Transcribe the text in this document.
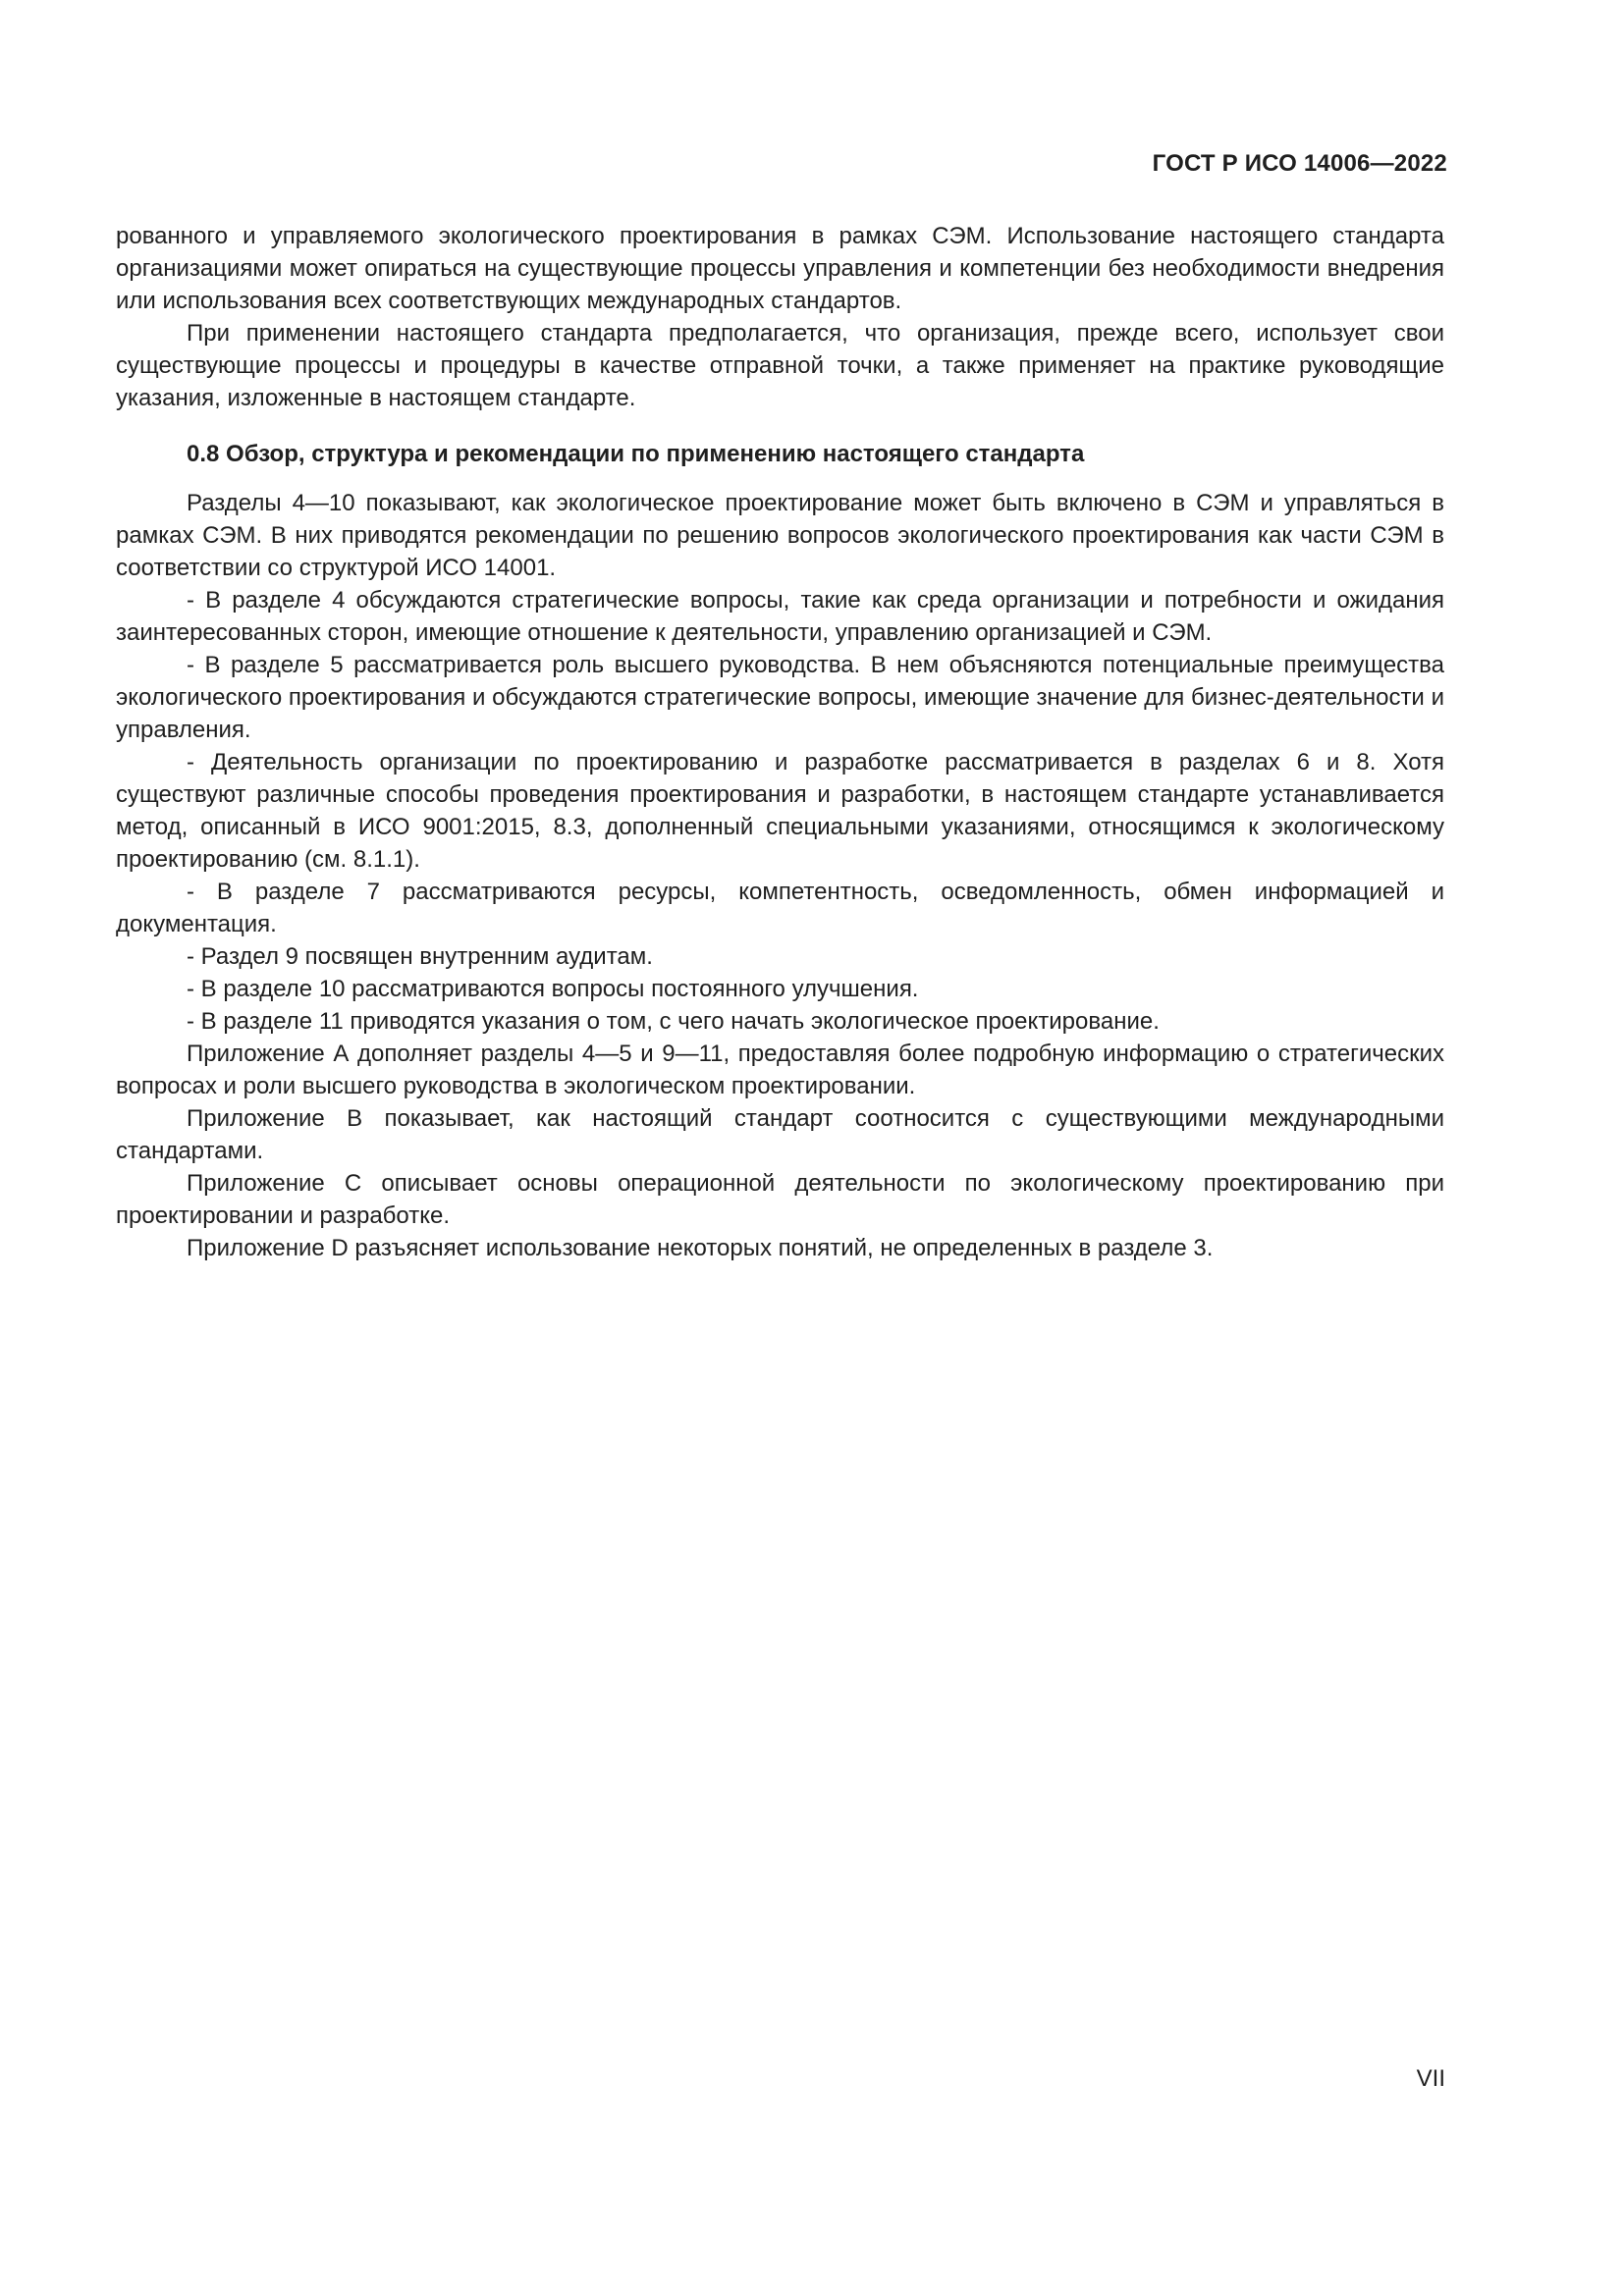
ГОСТ Р ИСО 14006—2022

рованного и управляемого экологического проектирования в рамках СЭМ. Использование настоящего стандарта организациями может опираться на существующие процессы управления и компетенции без необходимости внедрения или использования всех соответствующих международных стандартов.

При применении настоящего стандарта предполагается, что организация, прежде всего, использует свои существующие процессы и процедуры в качестве отправной точки, а также применяет на практике руководящие указания, изложенные в настоящем стандарте.

0.8 Обзор, структура и рекомендации по применению настоящего стандарта

Разделы 4—10 показывают, как экологическое проектирование может быть включено в СЭМ и управляться в рамках СЭМ. В них приводятся рекомендации по решению вопросов экологического проектирования как части СЭМ в соответствии со структурой ИСО 14001.

- В разделе 4 обсуждаются стратегические вопросы, такие как среда организации и потребности и ожидания заинтересованных сторон, имеющие отношение к деятельности, управлению организацией и СЭМ.

- В разделе 5 рассматривается роль высшего руководства. В нем объясняются потенциальные преимущества экологического проектирования и обсуждаются стратегические вопросы, имеющие значение для бизнес-деятельности и управления.

- Деятельность организации по проектированию и разработке рассматривается в разделах 6 и 8. Хотя существуют различные способы проведения проектирования и разработки, в настоящем стандарте устанавливается метод, описанный в ИСО 9001:2015, 8.3, дополненный специальными указаниями, относящимся к экологическому проектированию (см. 8.1.1).

- В разделе 7 рассматриваются ресурсы, компетентность, осведомленность, обмен информацией и документация.

- Раздел 9 посвящен внутренним аудитам.

- В разделе 10 рассматриваются вопросы постоянного улучшения.

- В разделе 11 приводятся указания о том, с чего начать экологическое проектирование.

Приложение А дополняет разделы 4—5 и 9—11, предоставляя более подробную информацию о стратегических вопросах и роли высшего руководства в экологическом проектировании.

Приложение В показывает, как настоящий стандарт соотносится с существующими международными стандартами.

Приложение С описывает основы операционной деятельности по экологическому проектированию при проектировании и разработке.

Приложение D разъясняет использование некоторых понятий, не определенных в разделе 3.

VII
